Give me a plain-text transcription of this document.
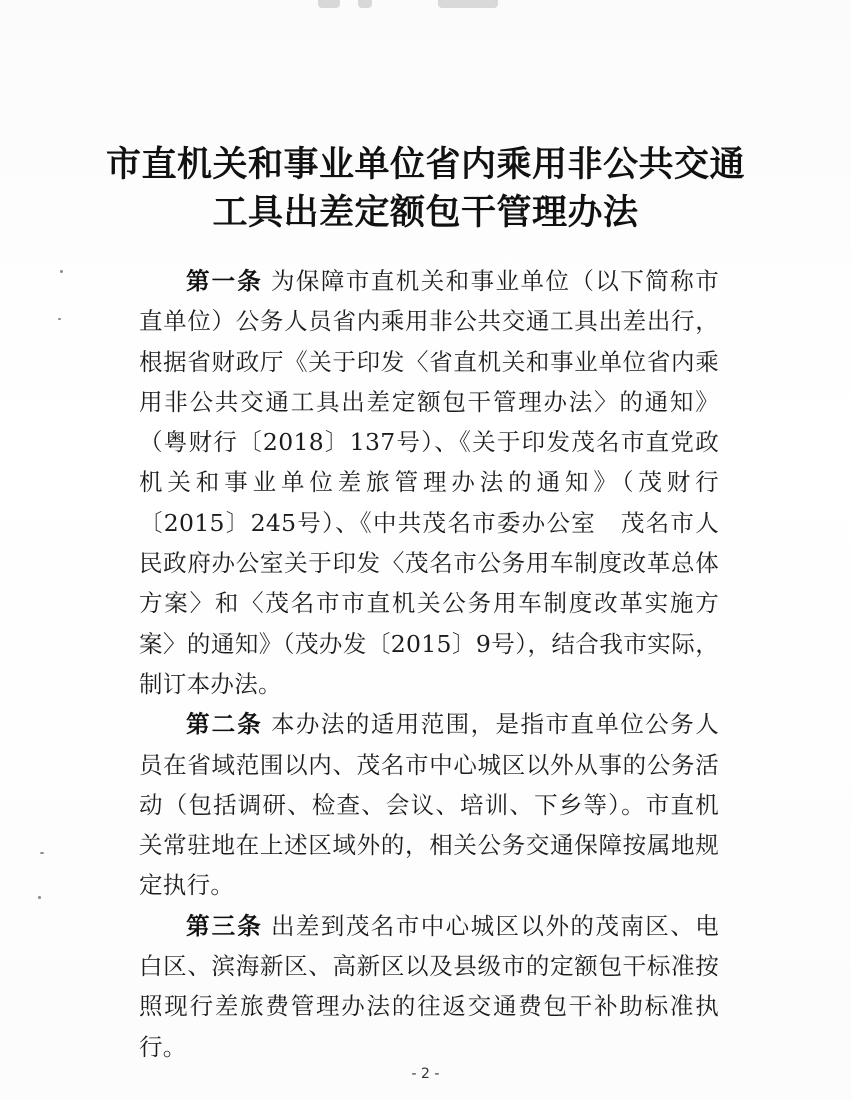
市直机关和事业单位省内乘用非公共交通
工具出差定额包干管理办法

第一条 为保障市直机关和事业单位（以下简称市直单位）公务人员省内乘用非公共交通工具出差出行，根据省财政厅《关于印发〈省直机关和事业单位省内乘用非公共交通工具出差定额包干管理办法〉的通知》（粤财行〔2018〕137号）、《关于印发茂名市直党政机关和事业单位差旅管理办法的通知》（茂财行〔2015〕245号）、《中共茂名市委办公室　茂名市人民政府办公室关于印发〈茂名市公务用车制度改革总体方案〉和〈茂名市市直机关公务用车制度改革实施方案〉的通知》（茂办发〔2015〕9号），结合我市实际，制订本办法。

第二条 本办法的适用范围，是指市直单位公务人员在省域范围以内、茂名市中心城区以外从事的公务活动（包括调研、检查、会议、培训、下乡等）。市直机关常驻地在上述区域外的，相关公务交通保障按属地规定执行。

第三条 出差到茂名市中心城区以外的茂南区、电白区、滨海新区、高新区以及县级市的定额包干标准按照现行差旅费管理办法的往返交通费包干补助标准执行。

- 2 -
